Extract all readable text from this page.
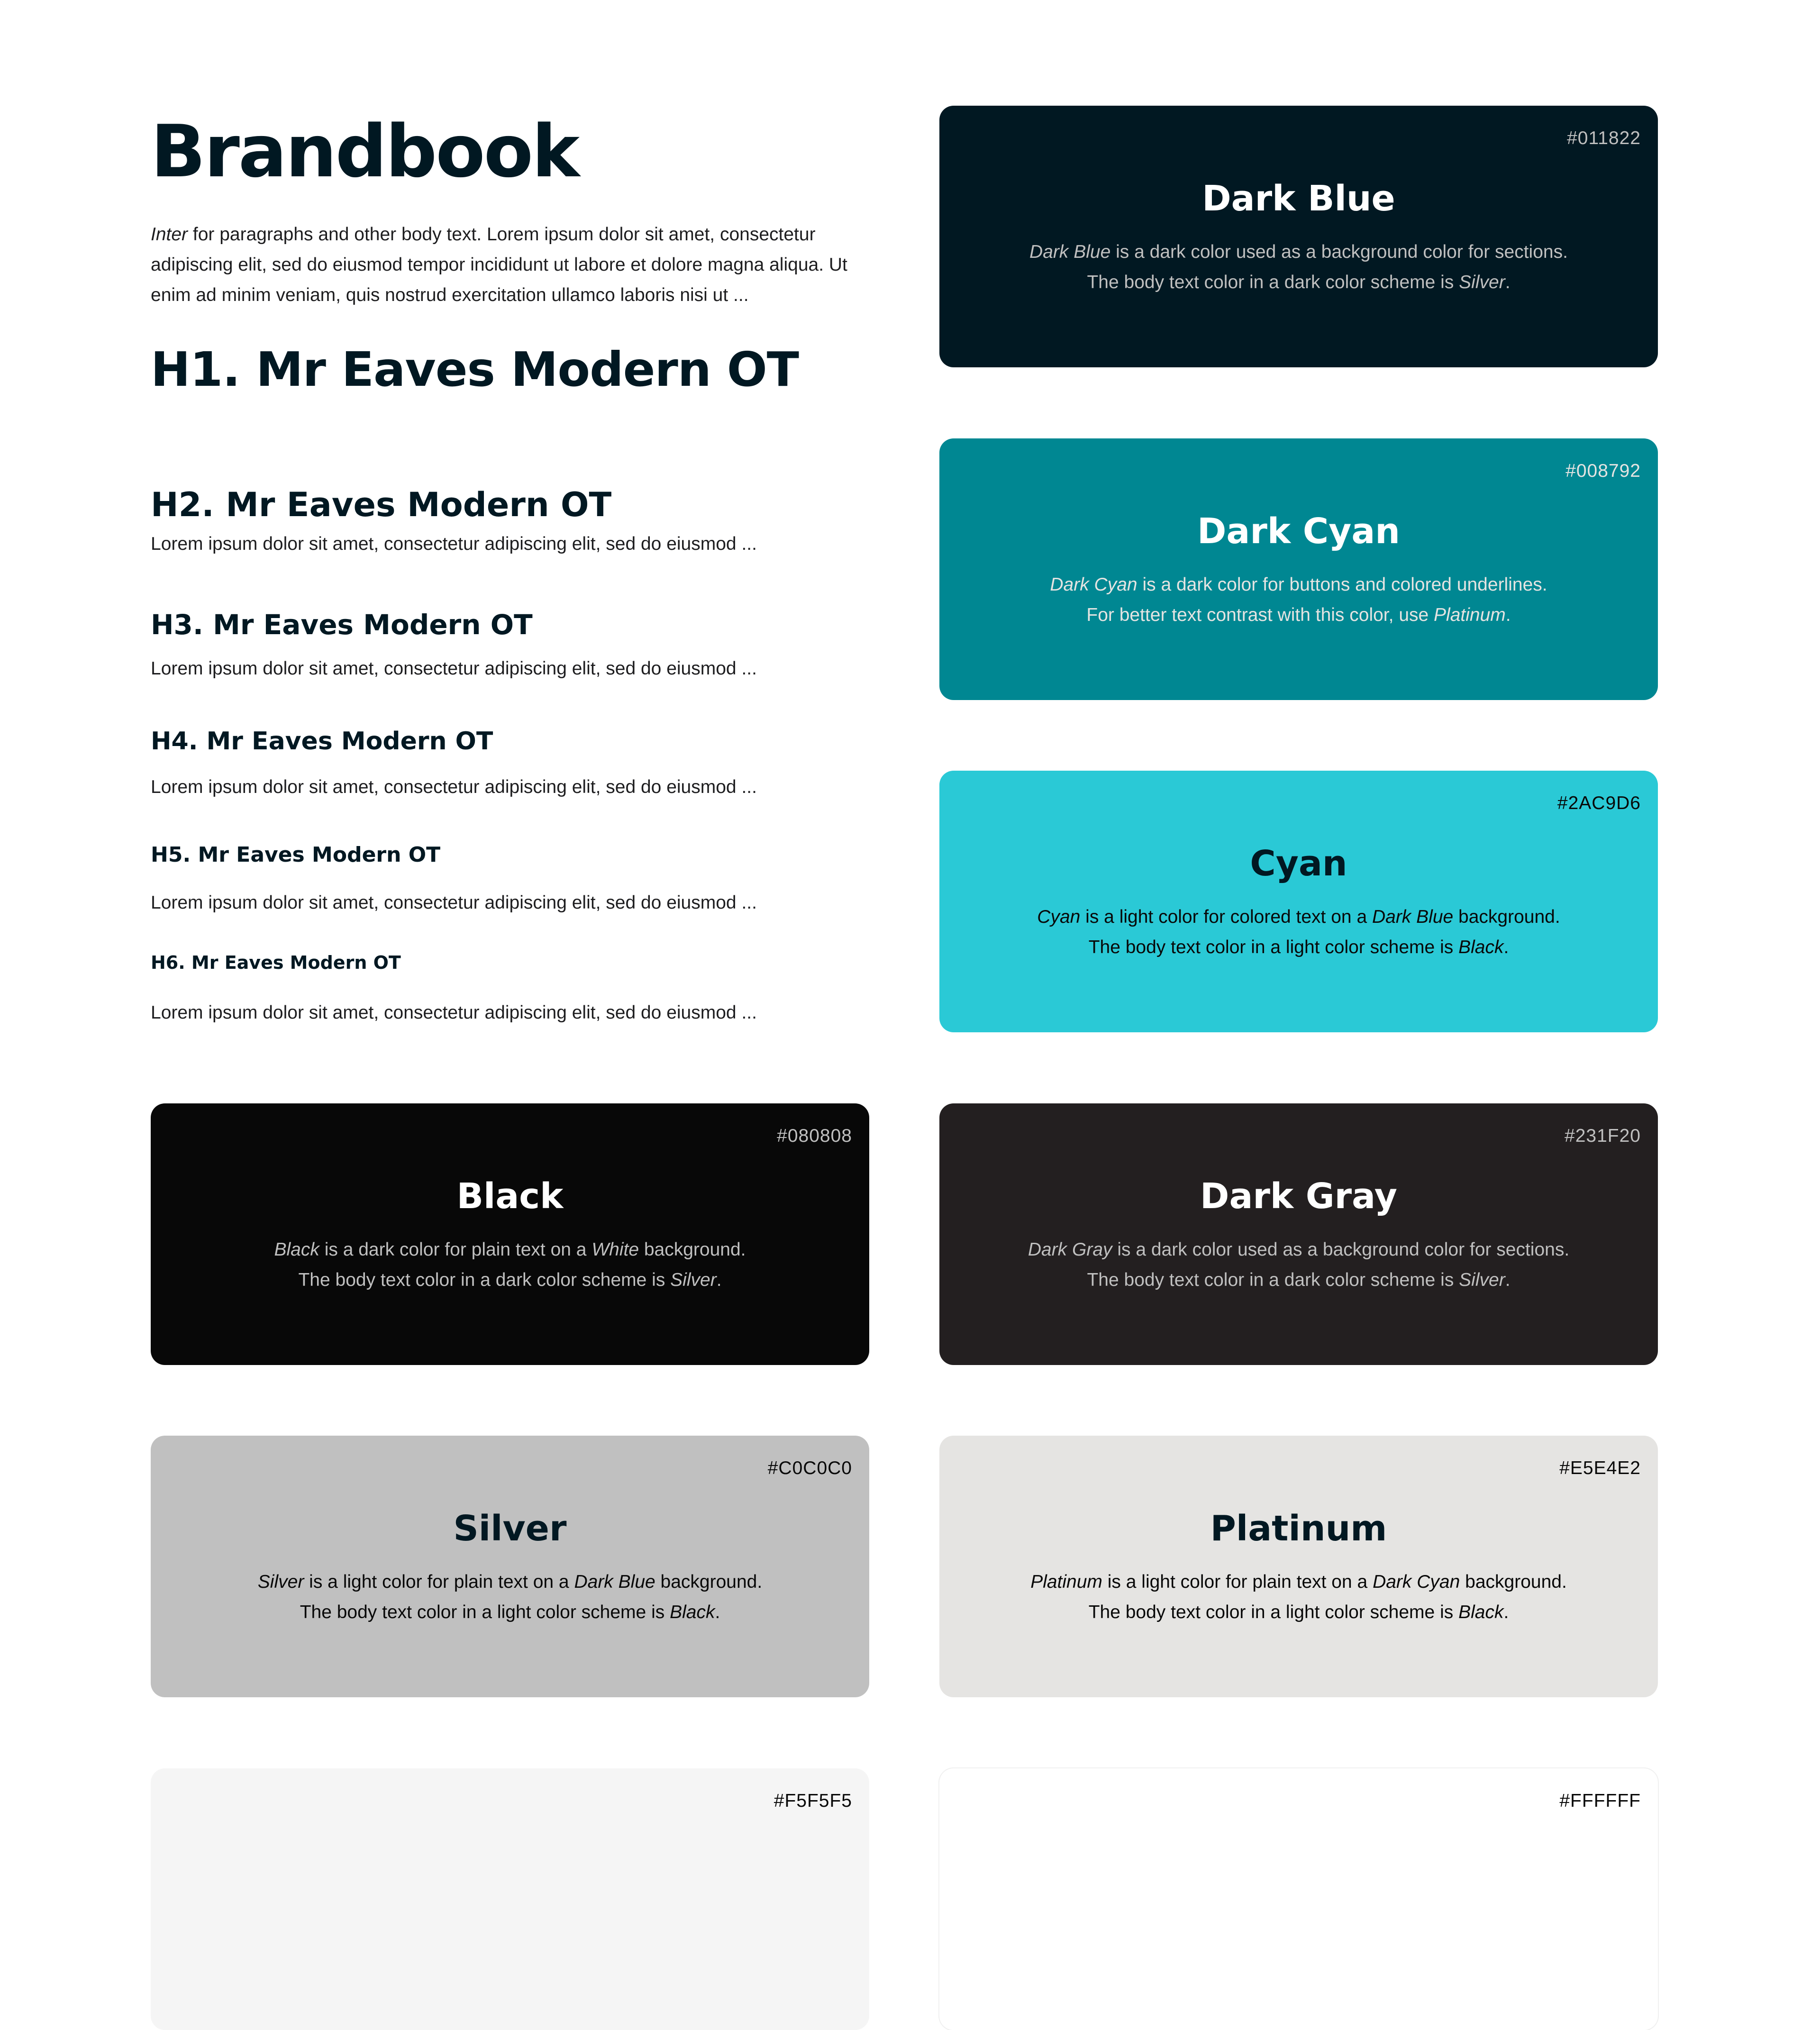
Brandbook

Inter for paragraphs and other body text. Lorem ipsum dolor sit amet, consectetur adipiscing elit, sed do eiusmod tempor incididunt ut labore et dolore magna aliqua. Ut enim ad minim veniam, quis nostrud exercitation ullamco laboris nisi ut ...

H1. Mr Eaves Modern OT

Lorem ipsum dolor sit amet, consectetur adipiscing elit, sed do eiusmod ...

H2. Mr Eaves Modern OT

Lorem ipsum dolor sit amet, consectetur adipiscing elit, sed do eiusmod ...

H3. Mr Eaves Modern OT

Lorem ipsum dolor sit amet, consectetur adipiscing elit, sed do eiusmod ...

H4. Mr Eaves Modern OT

Lorem ipsum dolor sit amet, consectetur adipiscing elit, sed do eiusmod ...

H5. Mr Eaves Modern OT

Lorem ipsum dolor sit amet, consectetur adipiscing elit, sed do eiusmod ...

H6. Mr Eaves Modern OT

#011822
Dark Blue

Dark Blue is a dark color used as a background color for sections.
The body text color in a dark color scheme is Silver.

#008792
Dark Cyan

Dark Cyan is a dark color for buttons and colored underlines.
For better text contrast with this color, use Platinum.

#2AC9D6
Cyan

Cyan is a light color for colored text on a Dark Blue background.
The body text color in a light color scheme is Black.

#080808
Black

Black is a dark color for plain text on a White background.
The body text color in a dark color scheme is Silver.

#231F20
Dark Gray

Dark Gray is a dark color used as a background color for sections.
The body text color in a dark color scheme is Silver.

#C0C0C0
Silver

Silver is a light color for plain text on a Dark Blue background.
The body text color in a light color scheme is Black.

#E5E4E2
Platinum

Platinum is a light color for plain text on a Dark Cyan background.
The body text color in a light color scheme is Black.

#F5F5F5	#FFFFFF
